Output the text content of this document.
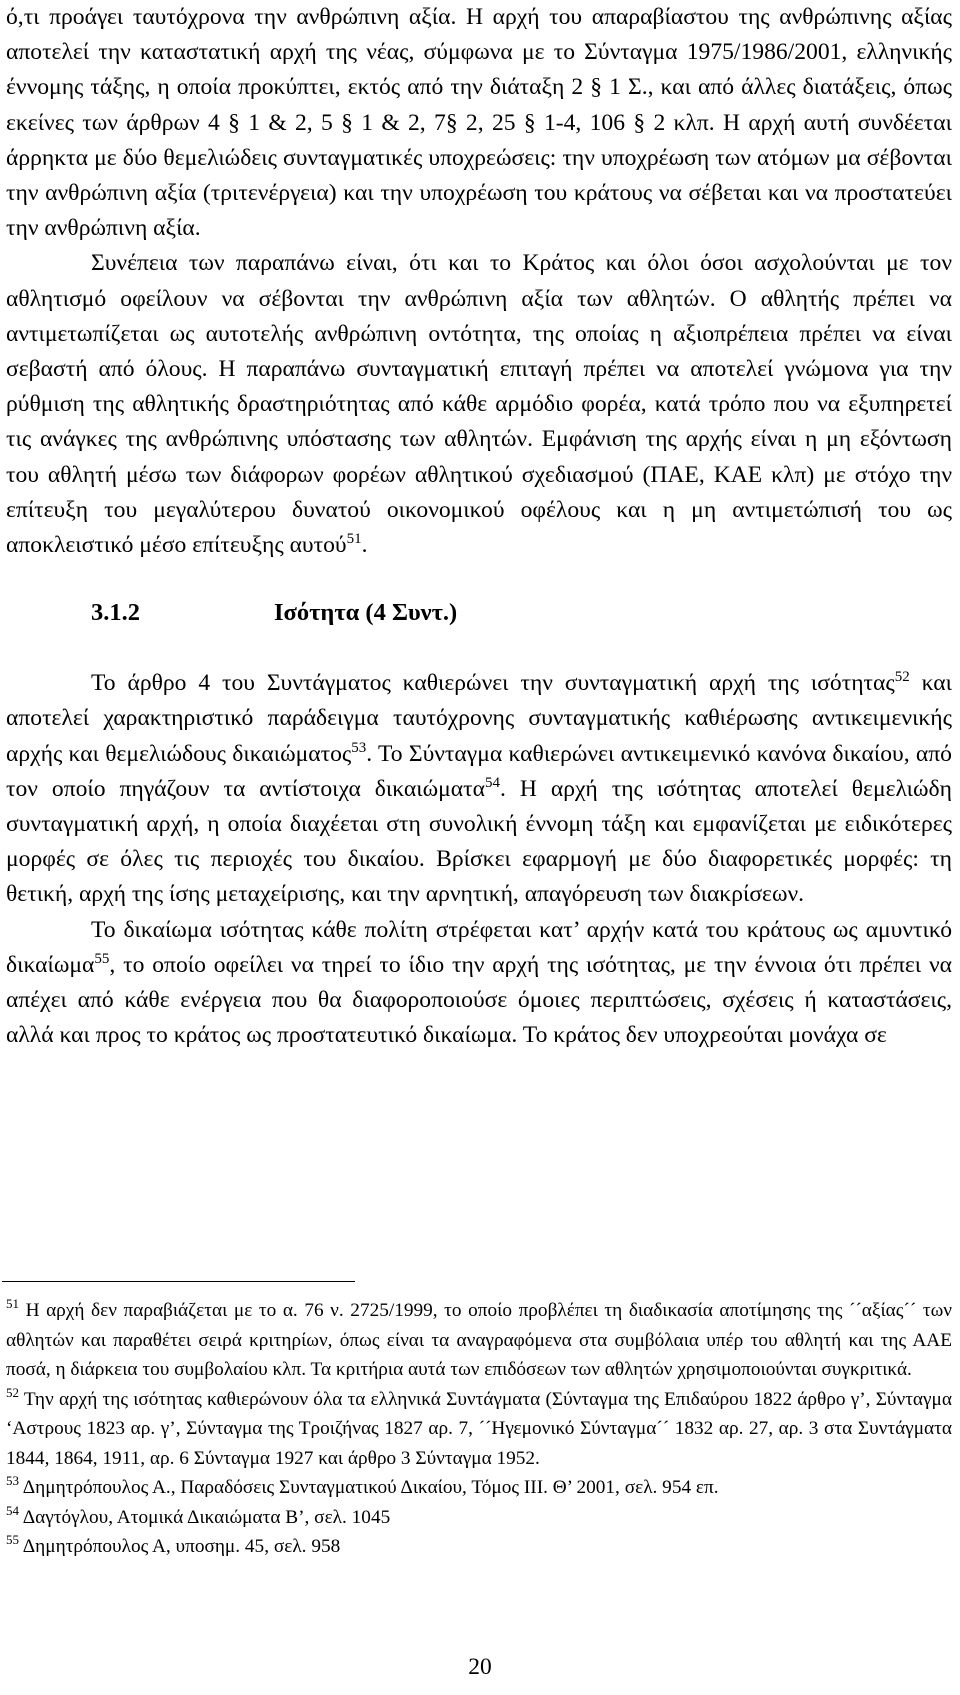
ό,τι προάγει ταυτόχρονα την ανθρώπινη αξία. Η αρχή του απαραβίαστου της ανθρώπινης αξίας αποτελεί την καταστατική αρχή της νέας, σύμφωνα με το Σύνταγμα 1975/1986/2001, ελληνικής έννομης τάξης, η οποία προκύπτει, εκτός από την διάταξη 2 § 1 Σ., και από άλλες διατάξεις, όπως εκείνες των άρθρων 4 § 1 & 2, 5 § 1 & 2, 7§ 2, 25 § 1-4, 106 § 2 κλπ. Η αρχή αυτή συνδέεται άρρηκτα με δύο θεμελιώδεις συνταγματικές υποχρεώσεις: την υποχρέωση των ατόμων μα σέβονται την ανθρώπινη αξία (τριτενέργεια) και την υποχρέωση του κράτους να σέβεται και να προστατεύει την ανθρώπινη αξία.

Συνέπεια των παραπάνω είναι, ότι και το Κράτος και όλοι όσοι ασχολούνται με τον αθλητισμό οφείλουν να σέβονται την ανθρώπινη αξία των αθλητών. Ο αθλητής πρέπει να αντιμετωπίζεται ως αυτοτελής ανθρώπινη οντότητα, της οποίας η αξιοπρέπεια πρέπει να είναι σεβαστή από όλους. Η παραπάνω συνταγματική επιταγή πρέπει να αποτελεί γνώμονα για την ρύθμιση της αθλητικής δραστηριότητας από κάθε αρμόδιο φορέα, κατά τρόπο που να εξυπηρετεί τις ανάγκες της ανθρώπινης υπόστασης των αθλητών. Εμφάνιση της αρχής είναι η μη εξόντωση του αθλητή μέσω των διάφορων φορέων αθλητικού σχεδιασμού (ΠΑΕ, ΚΑΕ κλπ) με στόχο την επίτευξη του μεγαλύτερου δυνατού οικονομικού οφέλους και η μη αντιμετώπισή του ως αποκλειστικό μέσο επίτευξης αυτού$^{51}$.

3.1.2	Ισότητα (4 Συντ.)

Το άρθρο 4 του Συντάγματος καθιερώνει την συνταγματική αρχή της ισότητας$^{52}$ και αποτελεί χαρακτηριστικό παράδειγμα ταυτόχρονης συνταγματικής καθιέρωσης αντικειμενικής αρχής και θεμελιώδους δικαιώματος$^{53}$. Το Σύνταγμα καθιερώνει αντικειμενικό κανόνα δικαίου, από τον οποίο πηγάζουν τα αντίστοιχα δικαιώματα$^{54}$. Η αρχή της ισότητας αποτελεί θεμελιώδη συνταγματική αρχή, η οποία διαχέεται στη συνολική έννομη τάξη και εμφανίζεται με ειδικότερες μορφές σε όλες τις περιοχές του δικαίου. Βρίσκει εφαρμογή με δύο διαφορετικές μορφές: τη θετική, αρχή της ίσης μεταχείρισης, και την αρνητική, απαγόρευση των διακρίσεων.

Το δικαίωμα ισότητας κάθε πολίτη στρέφεται κατ’ αρχήν κατά του κράτους ως αμυντικό δικαίωμα$^{55}$, το οποίο οφείλει να τηρεί το ίδιο την αρχή της ισότητας, με την έννοια ότι πρέπει να απέχει από κάθε ενέργεια που θα διαφοροποιούσε όμοιες περιπτώσεις, σχέσεις ή καταστάσεις, αλλά και προς το κράτος ως προστατευτικό δικαίωμα. Το κράτος δεν υποχρεούται μονάχα σε

$^{51}$ Η αρχή δεν παραβιάζεται με το α. 76 ν. 2725/1999, το οποίο προβλέπει τη διαδικασία αποτίμησης της ´´αξίας´´ των αθλητών και παραθέτει σειρά κριτηρίων, όπως είναι τα αναγραφόμενα στα συμβόλαια υπέρ του αθλητή και της ΑΑΕ ποσά, η διάρκεια του συμβολαίου κλπ. Τα κριτήρια αυτά των επιδόσεων των αθλητών χρησιμοποιούνται συγκριτικά.

$^{52}$ Την αρχή της ισότητας καθιερώνουν όλα τα ελληνικά Συντάγματα (Σύνταγμα της Επιδαύρου 1822 άρθρο γ’, Σύνταγμα ‘Αστρους 1823 αρ. γ’, Σύνταγμα της Τροιζήνας 1827 αρ. 7, ´´Ηγεμονικό Σύνταγμα´´ 1832 αρ. 27, αρ. 3 στα Συντάγματα 1844, 1864, 1911, αρ. 6 Σύνταγμα 1927 και άρθρο 3 Σύνταγμα 1952.

$^{53}$ Δημητρόπουλος Α., Παραδόσεις Συνταγματικού Δικαίου, Τόμος ΙΙΙ. Θ’ 2001, σελ. 954 επ.

$^{54}$ Δαγτόγλου, Ατομικά Δικαιώματα Β’, σελ. 1045

$^{55}$ Δημητρόπουλος Α, υποσημ. 45, σελ. 958

20
